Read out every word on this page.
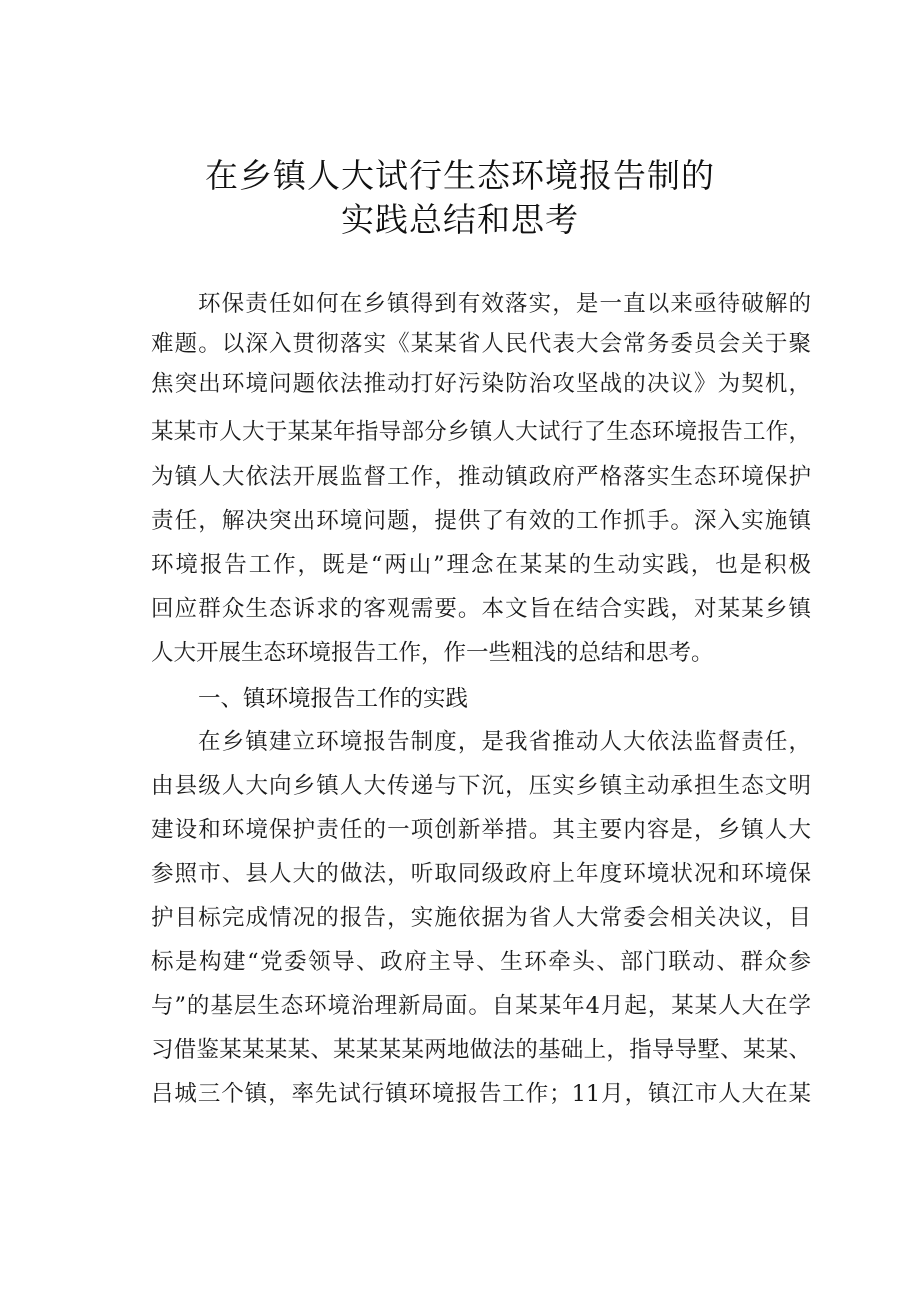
在乡镇人大试行生态环境报告制的
实践总结和思考
环保责任如何在乡镇得到有效落实，是一直以来亟待破解的
难题。以深入贯彻落实《某某省人民代表大会常务委员会关于聚
焦突出环境问题依法推动打好污染防治攻坚战的决议》为契机，
某某市人大于某某年指导部分乡镇人大试行了生态环境报告工作，
为镇人大依法开展监督工作，推动镇政府严格落实生态环境保护
责任，解决突出环境问题，提供了有效的工作抓手。深入实施镇
环境报告工作，既是“两山”理念在某某的生动实践，也是积极
回应群众生态诉求的客观需要。本文旨在结合实践，对某某乡镇
人大开展生态环境报告工作，作一些粗浅的总结和思考。
一、镇环境报告工作的实践
在乡镇建立环境报告制度，是我省推动人大依法监督责任，
由县级人大向乡镇人大传递与下沉，压实乡镇主动承担生态文明
建设和环境保护责任的一项创新举措。其主要内容是，乡镇人大
参照市、县人大的做法，听取同级政府上年度环境状况和环境保
护目标完成情况的报告，实施依据为省人大常委会相关决议，目
标是构建“党委领导、政府主导、生环牵头、部门联动、群众参
与”的基层生态环境治理新局面。自某某年4月起，某某人大在学
习借鉴某某某某、某某某某两地做法的基础上，指导导墅、某某、
吕城三个镇，率先试行镇环境报告工作；11月，镇江市人大在某
